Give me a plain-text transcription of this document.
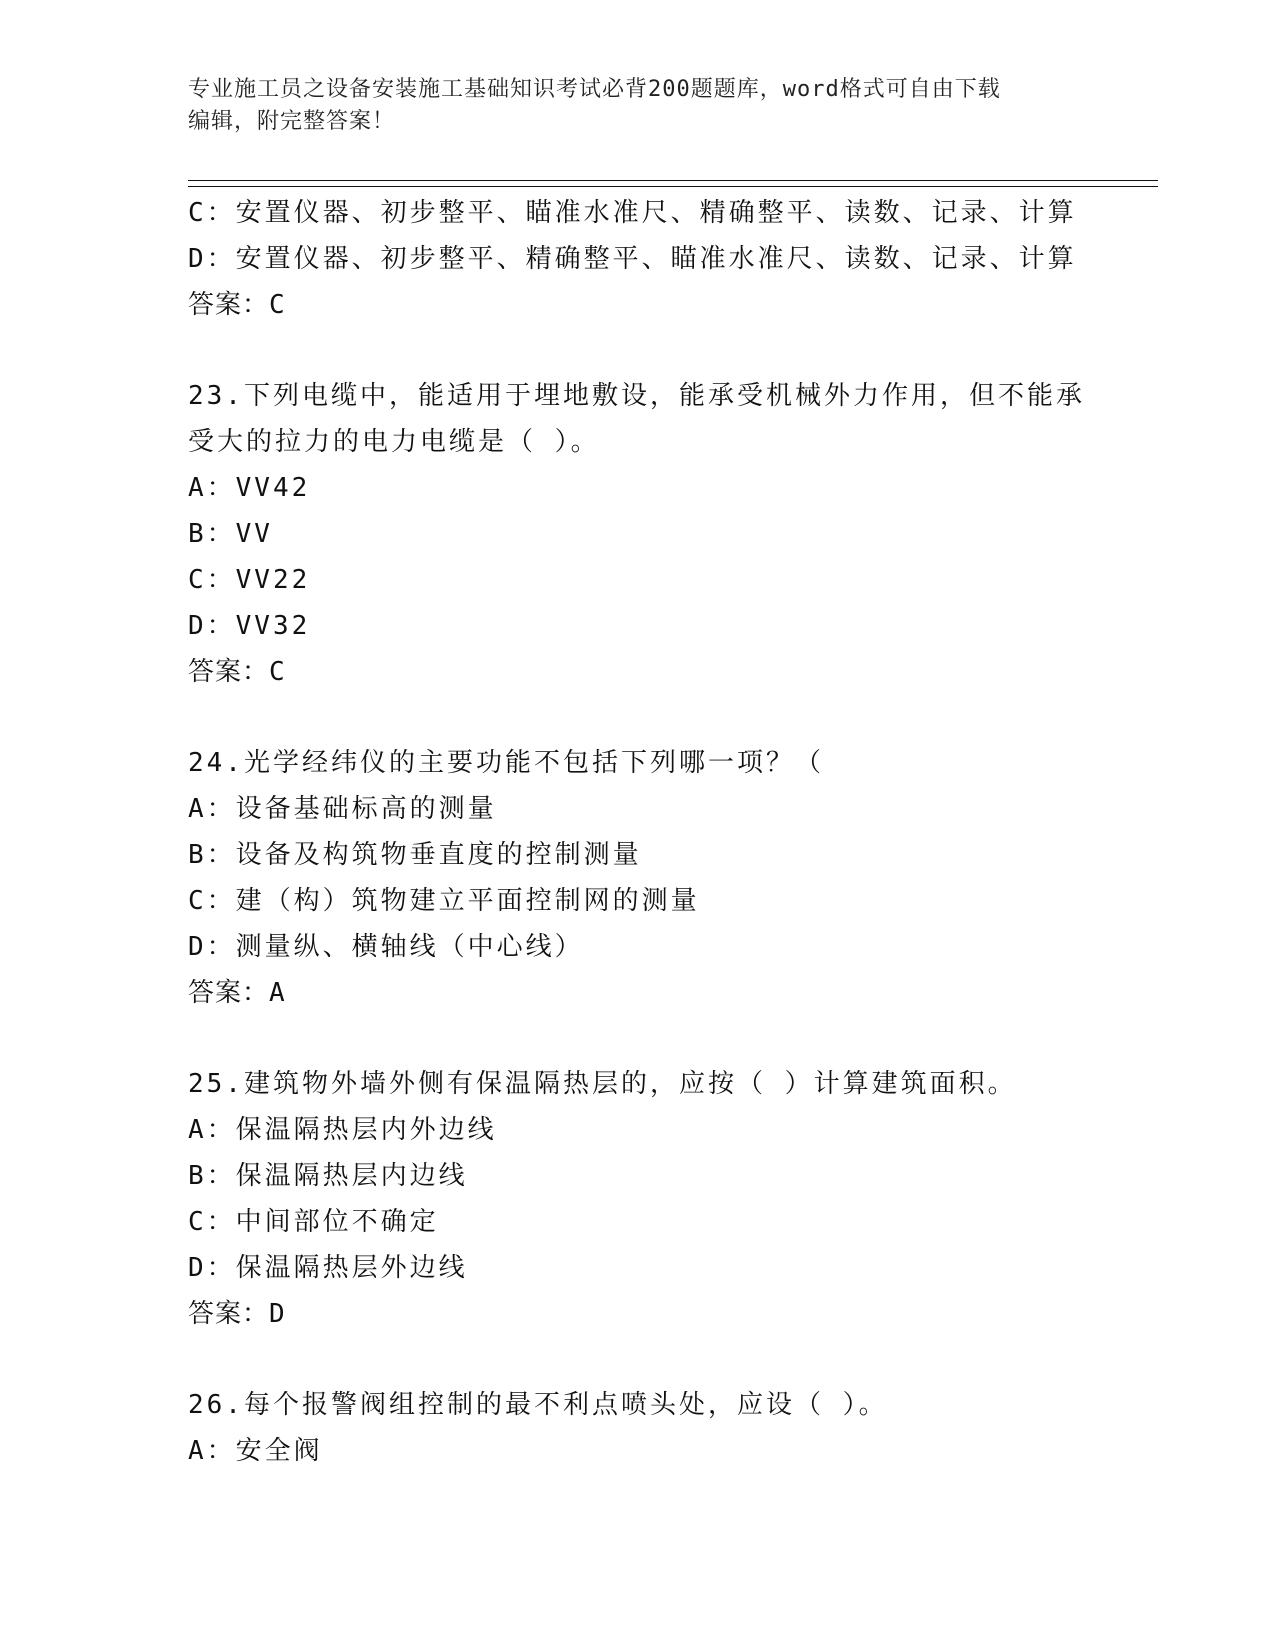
专业施工员之设备安装施工基础知识考试必背200题题库，word格式可自由下载
编辑，附完整答案！
C：安置仪器、初步整平、瞄准水准尺、精确整平、读数、记录、计算
D：安置仪器、初步整平、精确整平、瞄准水准尺、读数、记录、计算
答案：C
23.下列电缆中，能适用于埋地敷设，能承受机械外力作用，但不能承
受大的拉力的电力电缆是（ ）。
A：VV42
B：VV
C：VV22
D：VV32
答案：C
24.光学经纬仪的主要功能不包括下列哪一项？（
A：设备基础标高的测量
B：设备及构筑物垂直度的控制测量
C：建（构）筑物建立平面控制网的测量
D：测量纵、横轴线（中心线）
答案：A
25.建筑物外墙外侧有保温隔热层的，应按（ ）计算建筑面积。
A：保温隔热层内外边线
B：保温隔热层内边线
C：中间部位不确定
D：保温隔热层外边线
答案：D
26.每个报警阀组控制的最不利点喷头处，应设（ ）。
A：安全阀
